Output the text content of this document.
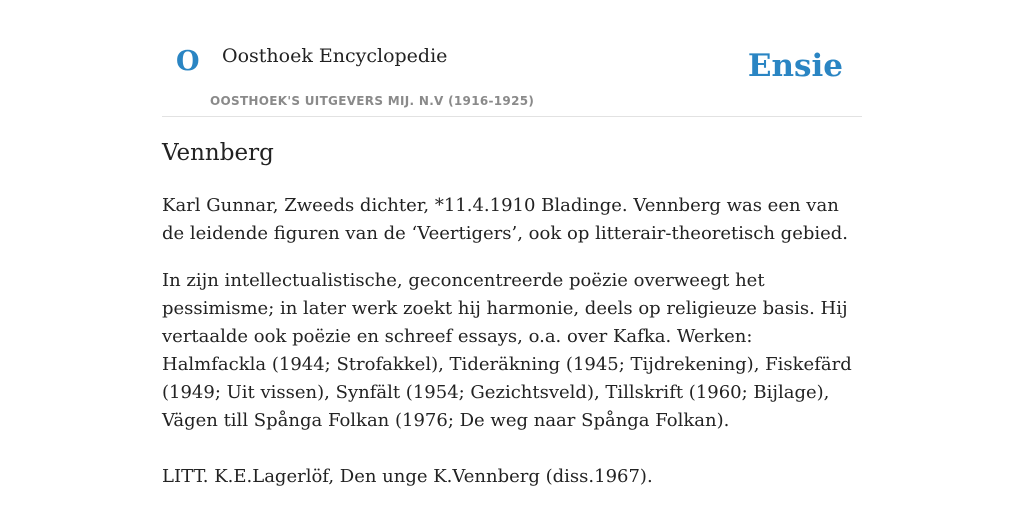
O Oosthoek Encyclopedie
OOSTHOEK'S UITGEVERS MIJ. N.V (1916-1925)
Ensie
Vennberg

Karl Gunnar, Zweeds dichter, *11.4.1910 Bladinge. Vennberg was een van de leidende figuren van de ‘Veertigers’, ook op litterair-theoretisch gebied.

In zijn intellectualistische, geconcentreerde poëzie overweegt het pessimisme; in later werk zoekt hij harmonie, deels op religieuze basis. Hij vertaalde ook poëzie en schreef essays, o.a. over Kafka. Werken: Halmfackla (1944; Strofakkel), Tideräkning (1945; Tijdrekening), Fiskefärd (1949; Uit vissen), Synfält (1954; Gezichtsveld), Tillskrift (1960; Bijlage), Vägen till Spånga Folkan (1976; De weg naar Spånga Folkan).

LITT. K.E.Lagerlöf, Den unge K.Vennberg (diss.1967).
